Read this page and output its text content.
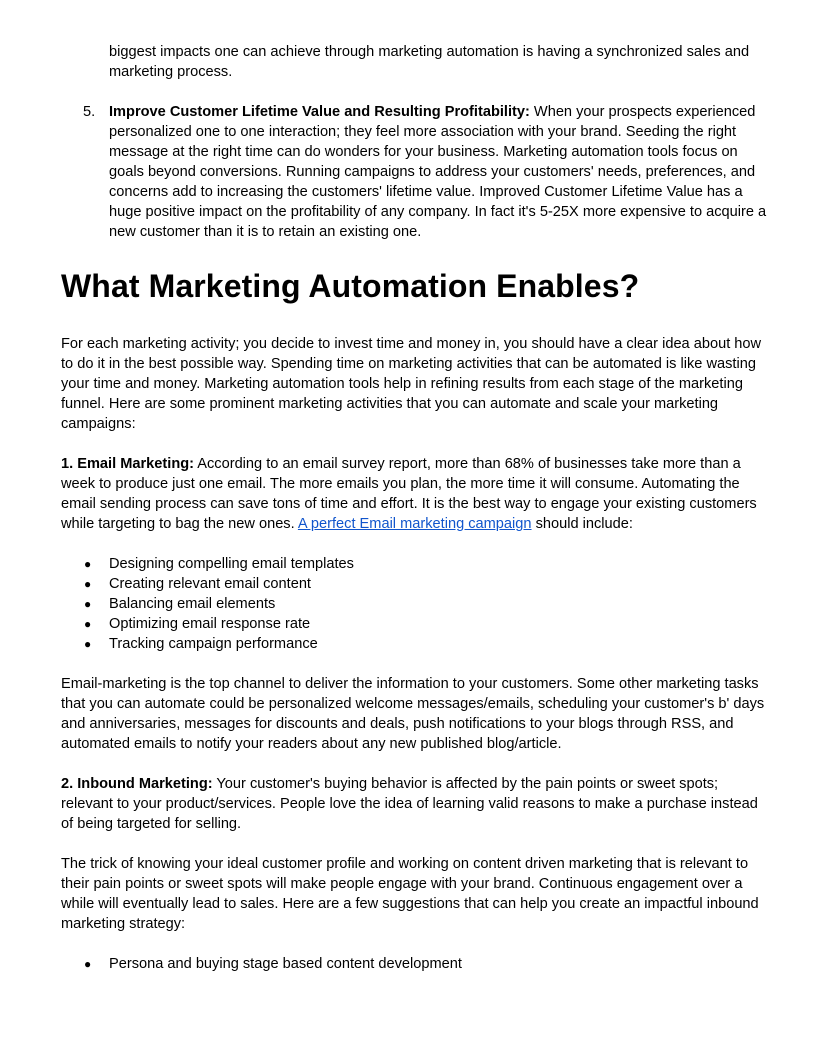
biggest impacts one can achieve through marketing automation is having a synchronized sales and marketing process.

5. Improve Customer Lifetime Value and Resulting Profitability: When your prospects experienced personalized one to one interaction; they feel more association with your brand. Seeding the right message at the right time can do wonders for your business. Marketing automation tools focus on goals beyond conversions. Running campaigns to address your customers' needs, preferences, and concerns add to increasing the customers' lifetime value. Improved Customer Lifetime Value has a huge positive impact on the profitability of any company. In fact it's 5-25X more expensive to acquire a new customer than it is to retain an existing one.

What Marketing Automation Enables?

For each marketing activity; you decide to invest time and money in, you should have a clear idea about how to do it in the best possible way. Spending time on marketing activities that can be automated is like wasting your time and money. Marketing automation tools help in refining results from each stage of the marketing funnel. Here are some prominent marketing activities that you can automate and scale your marketing campaigns:

1. Email Marketing: According to an email survey report, more than 68% of businesses take more than a week to produce just one email. The more emails you plan, the more time it will consume. Automating the email sending process can save tons of time and effort. It is the best way to engage your existing customers while targeting to bag the new ones. A perfect Email marketing campaign should include:

● Designing compelling email templates
● Creating relevant email content
● Balancing email elements
● Optimizing email response rate
● Tracking campaign performance

Email-marketing is the top channel to deliver the information to your customers. Some other marketing tasks that you can automate could be personalized welcome messages/emails, scheduling your customer's b' days and anniversaries, messages for discounts and deals, push notifications to your blogs through RSS, and automated emails to notify your readers about any new published blog/article.

2. Inbound Marketing: Your customer's buying behavior is affected by the pain points or sweet spots; relevant to your product/services. People love the idea of learning valid reasons to make a purchase instead of being targeted for selling.

The trick of knowing your ideal customer profile and working on content driven marketing that is relevant to their pain points or sweet spots will make people engage with your brand. Continuous engagement over a while will eventually lead to sales. Here are a few suggestions that can help you create an impactful inbound marketing strategy:

● Persona and buying stage based content development
